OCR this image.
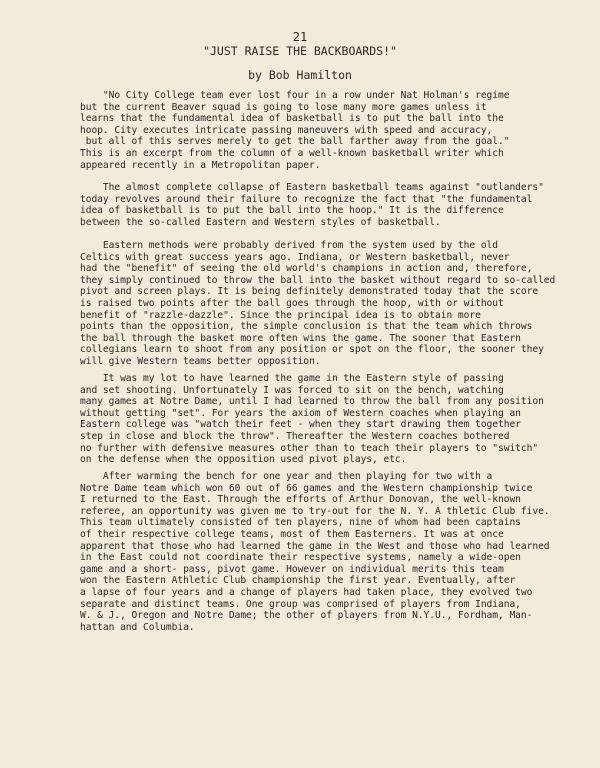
21
"JUST RAISE THE BACKBOARDS!"
by Bob Hamilton
"No City College team ever lost four in a row under Nat Holman's regime
but the current Beaver squad is going to lose many more games unless it
learns that the fundamental idea of basketball is to put the ball into the
hoop. City executes intricate passing maneuvers with speed and accuracy,
but all of this serves merely to get the ball farther away from the goal."
This is an excerpt from the column of a well-known basketball writer which
appeared recently in a Metropolitan paper.
The almost complete collapse of Eastern basketball teams against "outlanders"
today revolves around their failure to recognize the fact that "the fundamental
idea of basketball is to put the ball into the hoop." It is the difference
between the so-called Eastern and Western styles of basketball.
Eastern methods were probably derived from the system used by the old
Celtics with great success years ago. Indiana, or Western basketball, never
had the "benefit" of seeing the old world's champions in action and, therefore,
they simply continued to throw the ball into the basket without regard to so-called
pivot and screen plays. It is being definitely demonstrated today that the score
is raised two points after the ball goes through the hoop, with or without
benefit of "razzle-dazzle". Since the principal idea is to obtain more
points than the opposition, the simple conclusion is that the team which throws
the ball through the basket more often wins the game. The sooner that Eastern
collegians learn to shoot from any position or spot on the floor, the sooner they
will give Western teams better opposition.
It was my lot to have learned the game in the Eastern style of passing
and set shooting. Unfortunately I was forced to sit on the bench, watching
many games at Notre Dame, until I had learned to throw the ball from any position
without getting "set". For years the axiom of Western coaches when playing an
Eastern college was "watch their feet - when they start drawing them together
step in close and block the throw". Thereafter the Western coaches bothered
no further with defensive measures other than to teach their players to "switch"
on the defense when the opposition used pivot plays, etc.
After warming the bench for one year and then playing for two with a
Notre Dame team which won 60 out of 66 games and the Western championship twice
I returned to the East. Through the efforts of Arthur Donovan, the well-known
referee, an opportunity was given me to try-out for the N. Y. A thletic Club five.
This team ultimately consisted of ten players, nine of whom had been captains
of their respective college teams, most of them Easterners. It was at once
apparent that those who had learned the game in the West and those who had learned
in the East could not coordinate their respective systems, namely a wide-open
game and a short- pass, pivot game. However on individual merits this team
won the Eastern Athletic Club championship the first year. Eventually, after
a lapse of four years and a change of players had taken place, they evolved two
separate and distinct teams. One group was comprised of players from Indiana,
W. & J., Oregon and Notre Dame; the other of players from N.Y.U., Fordham, Man-
hattan and Columbia.
